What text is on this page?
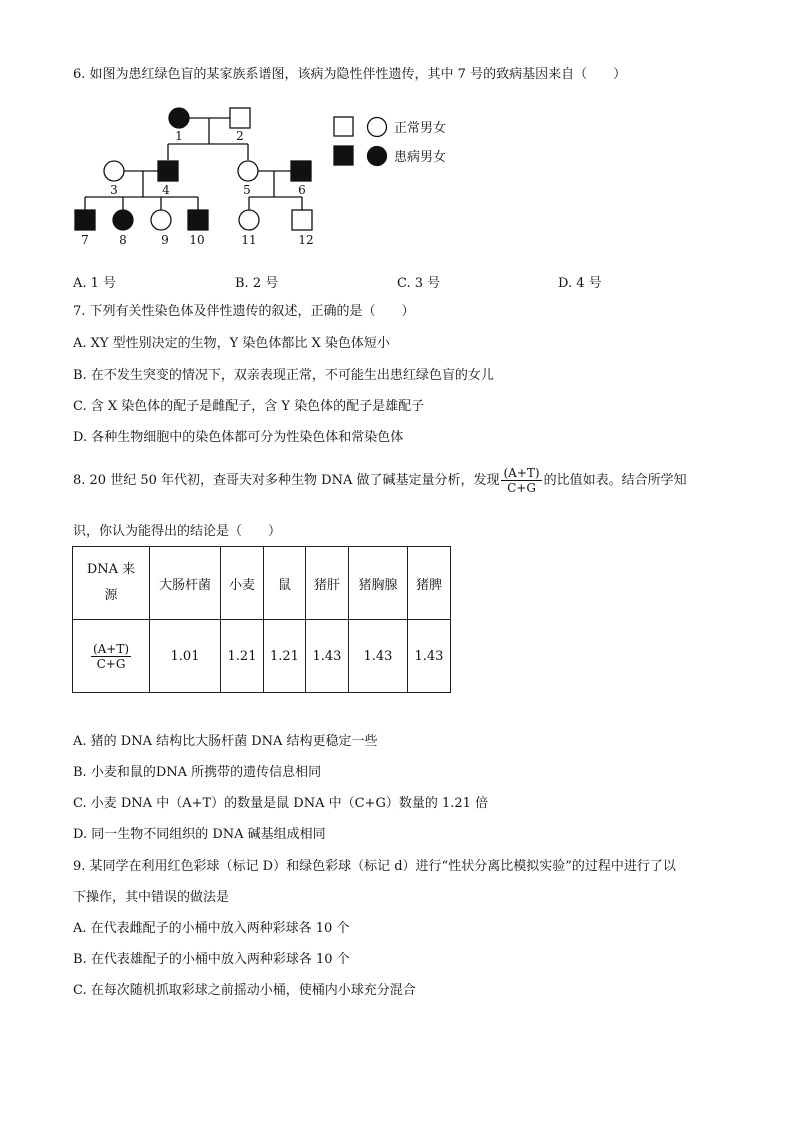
6. 如图为患红绿色盲的某家族系谱图，该病为隐性伴性遗传，其中 7 号的致病基因来自（　　）
1	2
3	4	5	6
7	8	9 10	11	12
正常男女
患病男女
A. 1 号	B. 2 号	C. 3 号	D. 4 号
7. 下列有关性染色体及伴性遗传的叙述，正确的是（　　）
A. XY 型性别决定的生物，Y 染色体都比 X 染色体短小
B. 在不发生突变的情况下，双亲表现正常，不可能生出患红绿色盲的女儿
C. 含 X 染色体的配子是雌配子，含 Y 染色体的配子是雄配子
D. 各种生物细胞中的染色体都可分为性染色体和常染色体
8. 20 世纪 50 年代初，查哥夫对多种生物 DNA 做了碱基定量分析，发现 $\frac{(A+T)}{C+G}$ 的比值如表。结合所学知
识，你认为能得出的结论是（　　）
DNA 来
源	大肠杆菌	小麦	鼠	猪肝	猪胸腺	猪脾

$\frac{(A+T)}{C+G}$	1.01	1.21	1.21	1.43	1.43	1.43
A. 猪的 DNA 结构比大肠杆菌 DNA 结构更稳定一些
B. 小麦和鼠的DNA 所携带的遗传信息相同
C. 小麦 DNA 中（A+T）的数量是鼠 DNA 中（C+G）数量的 1.21 倍
D. 同一生物不同组织的 DNA 碱基组成相同
9. 某同学在利用红色彩球（标记 D）和绿色彩球（标记 d）进行“性状分离比模拟实验”的过程中进行了以
下操作，其中错误的做法是
A. 在代表雌配子的小桶中放入两种彩球各 10 个
B. 在代表雄配子的小桶中放入两种彩球各 10 个
C. 在每次随机抓取彩球之前摇动小桶，使桶内小球充分混合
